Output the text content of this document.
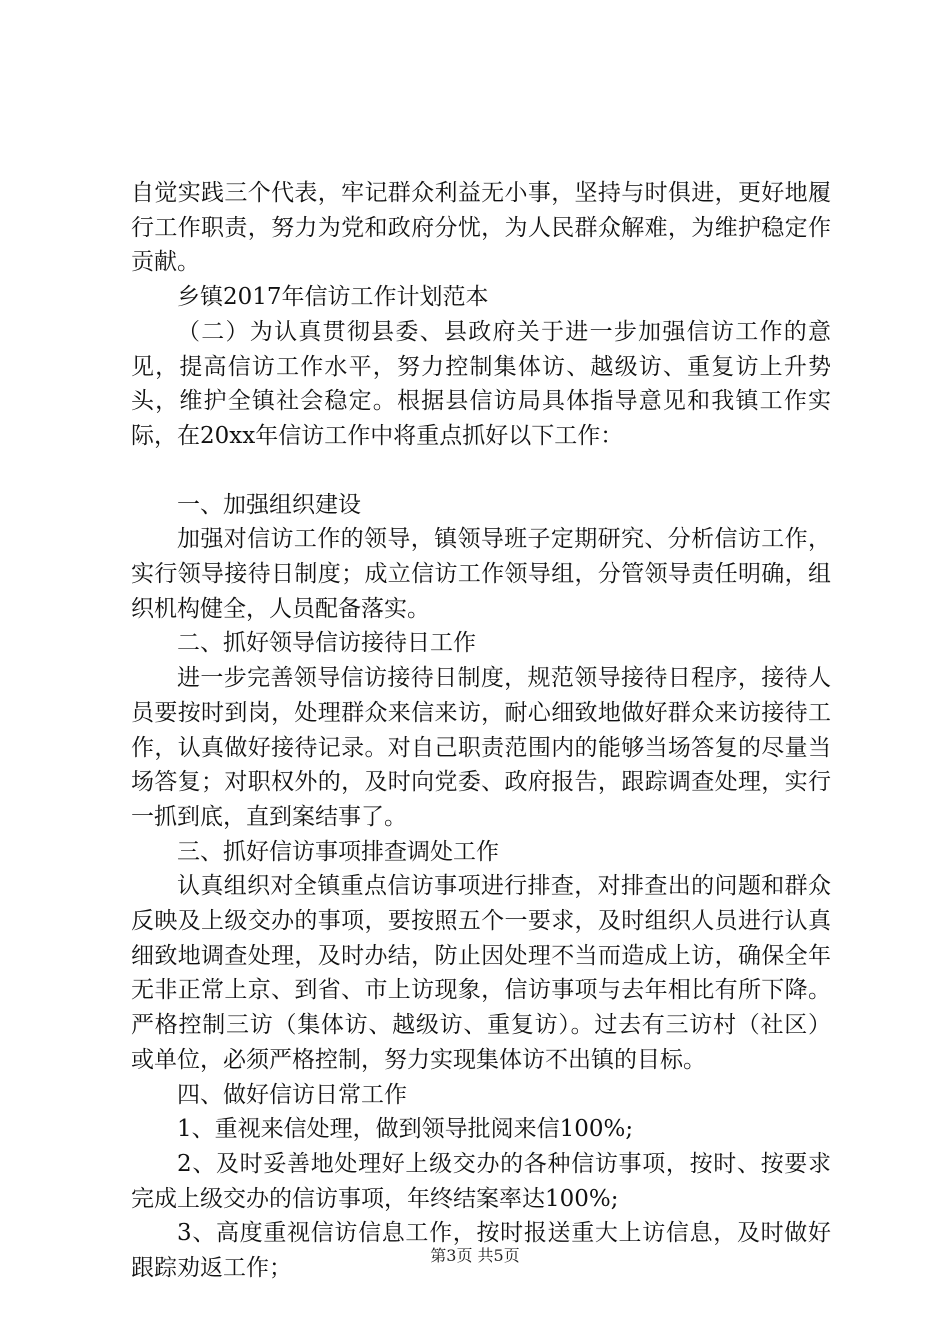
自觉实践三个代表，牢记群众利益无小事，坚持与时俱进，更好地履行工作职责，努力为党和政府分忧，为人民群众解难，为维护稳定作贡献。

乡镇2017年信访工作计划范本

（二）为认真贯彻县委、县政府关于进一步加强信访工作的意见，提高信访工作水平，努力控制集体访、越级访、重复访上升势头，维护全镇社会稳定。根据县信访局具体指导意见和我镇工作实际，在20xx年信访工作中将重点抓好以下工作：

一、加强组织建设

加强对信访工作的领导，镇领导班子定期研究、分析信访工作，实行领导接待日制度；成立信访工作领导组，分管领导责任明确，组织机构健全，人员配备落实。

二、抓好领导信访接待日工作

进一步完善领导信访接待日制度，规范领导接待日程序，接待人员要按时到岗，处理群众来信来访，耐心细致地做好群众来访接待工作，认真做好接待记录。对自己职责范围内的能够当场答复的尽量当场答复；对职权外的，及时向党委、政府报告，跟踪调查处理，实行一抓到底，直到案结事了。

三、抓好信访事项排查调处工作

认真组织对全镇重点信访事项进行排查，对排查出的问题和群众反映及上级交办的事项，要按照五个一要求，及时组织人员进行认真细致地调查处理，及时办结，防止因处理不当而造成上访，确保全年无非正常上京、到省、市上访现象，信访事项与去年相比有所下降。严格控制三访（集体访、越级访、重复访）。过去有三访村（社区）或单位，必须严格控制，努力实现集体访不出镇的目标。

四、做好信访日常工作

1、重视来信处理，做到领导批阅来信100%;

2、及时妥善地处理好上级交办的各种信访事项，按时、按要求完成上级交办的信访事项，年终结案率达100%;

3、高度重视信访信息工作，按时报送重大上访信息，及时做好跟踪劝返工作；	第3页 共5页
